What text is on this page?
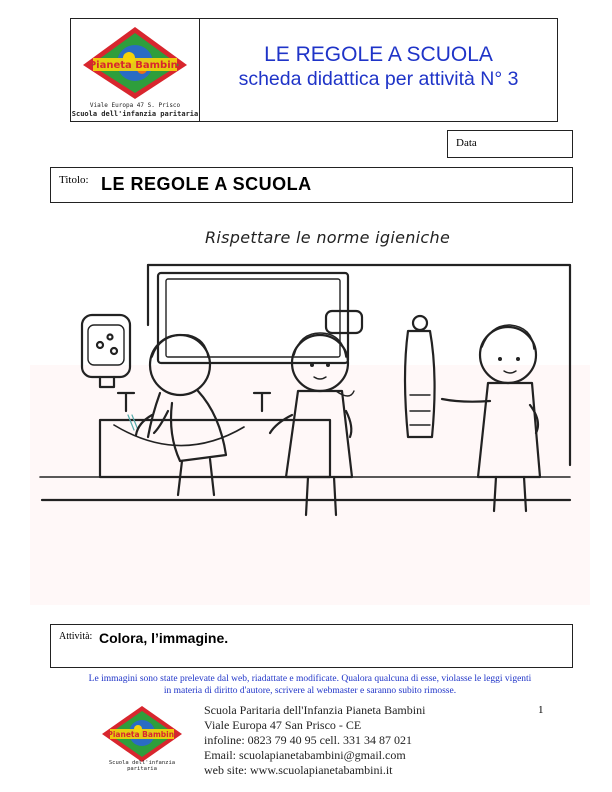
Pianeta Bambini
Viale Europa 47 S. Prisco
Scuola dell'infanzia paritaria
LE REGOLE A SCUOLA
scheda didattica per attività N° 3
Data
Titolo: LE REGOLE A SCUOLA
Rispettare le norme igieniche
Attività: Colora, l’immagine.
Le immagini sono state prelevate dal web, riadattate e modificate. Qualora qualcuna di esse, violasse le leggi vigenti
in materia di diritto d'autore, scrivere al webmaster e saranno subito rimosse.
Pianeta Bambini
Scuola dell'infanzia paritaria
Scuola Paritaria dell'Infanzia Pianeta Bambini
Viale Europa 47 San Prisco - CE
infoline: 0823 79 40 95 cell. 331 34 87 021
Email: scuolapianetabambini@gmail.com
web site: www.scuolapianetabambini.it
1
